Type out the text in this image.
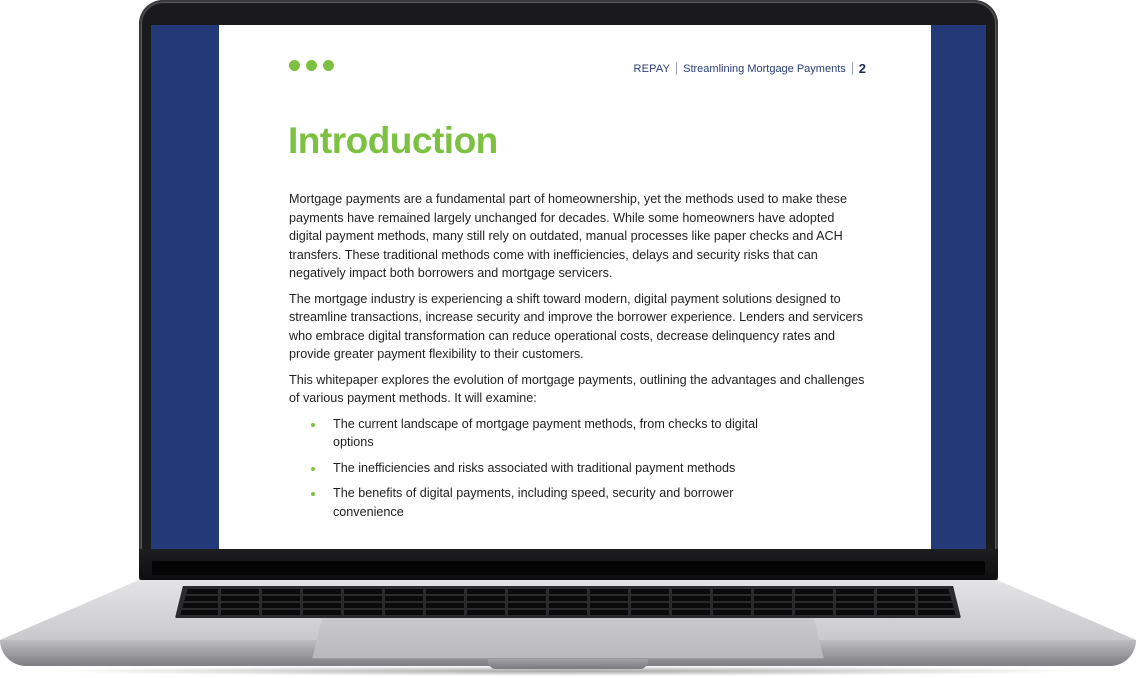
REPAY Streamlining Mortgage Payments 2
Introduction

Mortgage payments are a fundamental part of homeownership, yet the methods used to make these payments have remained largely unchanged for decades. While some homeowners have adopted digital payment methods, many still rely on outdated, manual processes like paper checks and ACH transfers. These traditional methods come with inefficiencies, delays and security risks that can negatively impact both borrowers and mortgage servicers.

The mortgage industry is experiencing a shift toward modern, digital payment solutions designed to streamline transactions, increase security and improve the borrower experience. Lenders and servicers who embrace digital transformation can reduce operational costs, decrease delinquency rates and provide greater payment flexibility to their customers.

This whitepaper explores the evolution of mortgage payments, outlining the advantages and challenges of various payment methods. It will examine:

The current landscape of mortgage payment methods, from checks to digital options
The inefficiencies and risks associated with traditional payment methods
The benefits of digital payments, including speed, security and borrower convenience
